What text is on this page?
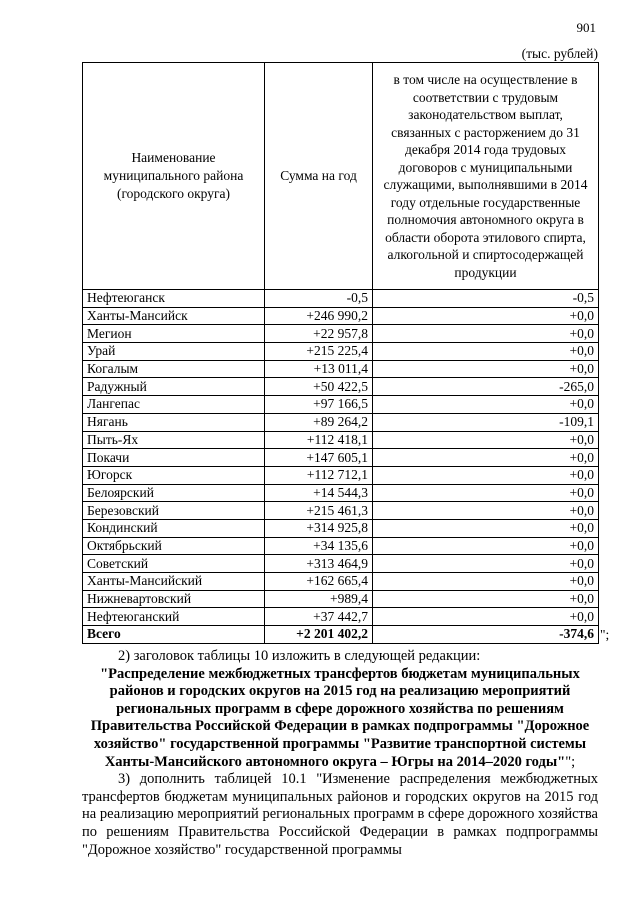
901
(тыс. рублей)
Наименование муниципального района (городского округа)	Сумма на год	в том числе на осуществление в соответствии с трудовым законодательством выплат, связанных с расторжением до 31 декабря 2014 года трудовых договоров с муниципальными служащими, выполнявшими в 2014 году отдельные государственные полномочия автономного округа в области оборота этилового спирта, алкогольной и спиртосодержащей продукции
Нефтеюганск	-0,5	-0,5
Ханты-Мансийск	+246 990,2	+0,0
Мегион	+22 957,8	+0,0
Урай	+215 225,4	+0,0
Когалым	+13 011,4	+0,0
Радужный	+50 422,5	-265,0
Лангепас	+97 166,5	+0,0
Нягань	+89 264,2	-109,1
Пыть-Ях	+112 418,1	+0,0
Покачи	+147 605,1	+0,0
Югорск	+112 712,1	+0,0
Белоярский	+14 544,3	+0,0
Березовский	+215 461,3	+0,0
Кондинский	+314 925,8	+0,0
Октябрьский	+34 135,6	+0,0
Советский	+313 464,9	+0,0
Ханты-Мансийский	+162 665,4	+0,0
Нижневартовский	+989,4	+0,0
Нефтеюганский	+37 442,7	+0,0
Всего	+2 201 402,2	-374,6 ";

2) заголовок таблицы 10 изложить в следующей редакции:

"Распределение межбюджетных трансфертов бюджетам муниципальных районов и городских округов на 2015 год на реализацию мероприятий региональных программ в сфере дорожного хозяйства по решениям Правительства Российской Федерации в рамках подпрограммы "Дорожное хозяйство" государственной программы "Развитие транспортной системы Ханты-Мансийского автономного округа – Югры на 2014–2020 годы"";

3) дополнить таблицей 10.1 "Изменение распределения межбюджетных трансфертов бюджетам муниципальных районов и городских округов на 2015 год на реализацию мероприятий региональных программ в сфере дорожного хозяйства по решениям Правительства Российской Федерации в рамках подпрограммы "Дорожное хозяйство" государственной программы
